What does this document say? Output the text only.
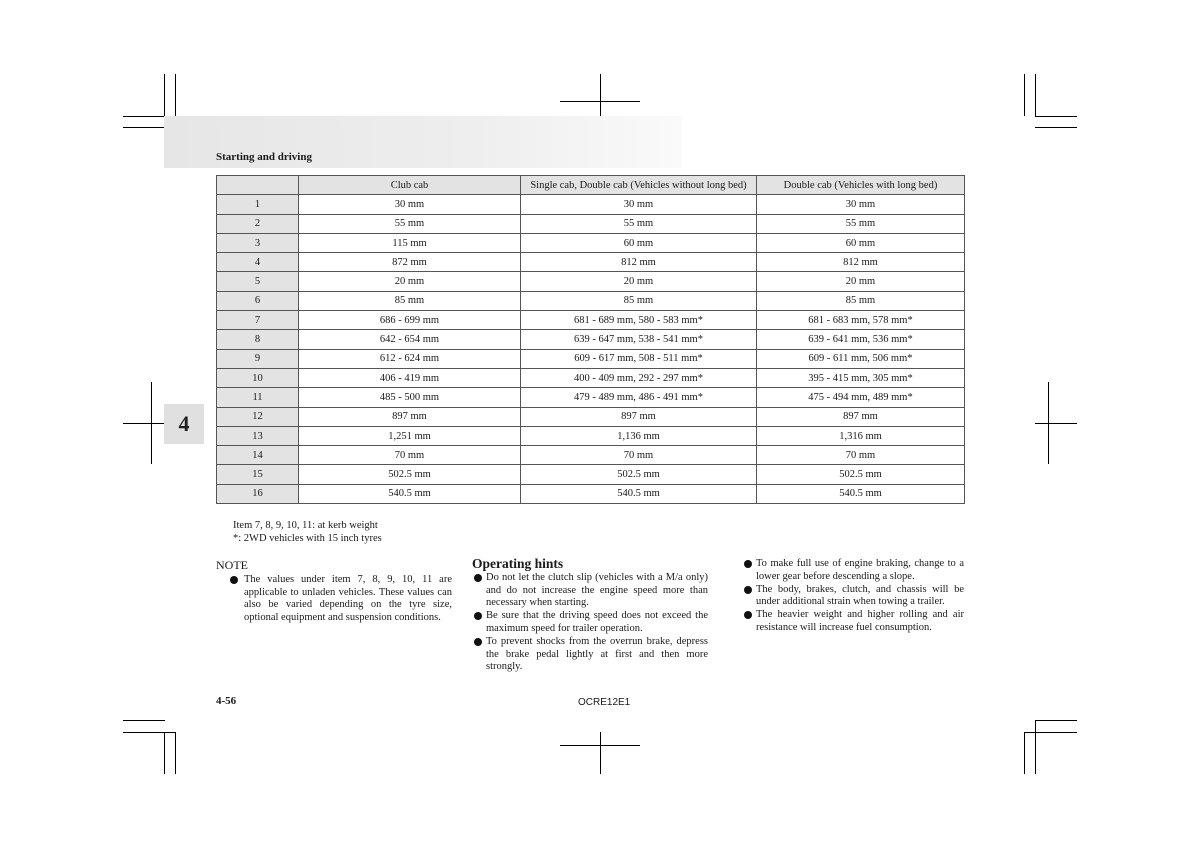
Starting and driving
4
	Club cab	Single cab, Double cab (Vehicles without long bed)	Double cab (Vehicles with long bed)
1	30 mm	30 mm	30 mm
2	55 mm	55 mm	55 mm
3	115 mm	60 mm	60 mm
4	872 mm	812 mm	812 mm
5	20 mm	20 mm	20 mm
6	85 mm	85 mm	85 mm
7	686 - 699 mm	681 - 689 mm, 580 - 583 mm*	681 - 683 mm, 578 mm*
8	642 - 654 mm	639 - 647 mm, 538 - 541 mm*	639 - 641 mm, 536 mm*
9	612 - 624 mm	609 - 617 mm, 508 - 511 mm*	609 - 611 mm, 506 mm*
10	406 - 419 mm	400 - 409 mm, 292 - 297 mm*	395 - 415 mm, 305 mm*
11	485 - 500 mm	479 - 489 mm, 486 - 491 mm*	475 - 494 mm, 489 mm*
12	897 mm	897 mm	897 mm
13	1,251 mm	1,136 mm	1,316 mm
14	70 mm	70 mm	70 mm
15	502.5 mm	502.5 mm	502.5 mm
16	540.5 mm	540.5 mm	540.5 mm
Item 7, 8, 9, 10, 11: at kerb weight
*: 2WD vehicles with 15 inch tyres
NOTE
The values under item 7, 8, 9, 10, 11 are applicable to unladen vehicles. These values can also be varied depending on the tyre size, optional equipment and suspension conditions.
Operating hints
Do not let the clutch slip (vehicles with a M/a only) and do not increase the engine speed more than necessary when starting.
Be sure that the driving speed does not exceed the maximum speed for trailer operation.
To prevent shocks from the overrun brake, depress the brake pedal lightly at first and then more strongly.
To make full use of engine braking, change to a lower gear before descending a slope.
The body, brakes, clutch, and chassis will be under additional strain when towing a trailer.
The heavier weight and higher rolling and air resistance will increase fuel consumption.
4-56	OCRE12E1
